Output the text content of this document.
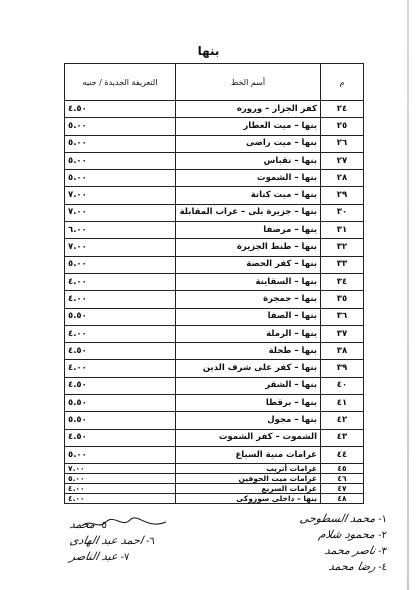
بنها
م	أسم الخط	التعريفة الجديدة / جنيه
٢٤	كفر الجزار – وروره	٤.٥٠
٢٥	بنها – ميت العطار	٥.٠٠
٢٦	بنها – ميت راضى	٥.٠٠
٢٧	بنها – نقباس	٥.٠٠
٢٨	بنها – الشموت	٥.٠٠
٢٩	بنها – ميت كنانة	٧.٠٠
٣٠	بنها – جزيرة بلى – عراب المقابلة	٧.٠٠
٣١	بنها – مرصفا	٦.٠٠
٣٢	بنها – طنط الجزيرة	٧.٠٠
٣٣	بنها – كفر الحصة	٥.٠٠
٣٤	بنها – السقاينة	٤.٠٠
٣٥	بنها – جمجرة	٤.٠٠
٣٦	بنها – الصفا	٥.٥٠
٣٧	بنها – الرملة	٤.٠٠
٣٨	بنها – طحلة	٤.٥٠
٣٩	بنها – كفر على شرف الدين	٤.٠٠
٤٠	بنها – الشقر	٤.٥٠
٤١	بنها – برقطا	٥.٥٠
٤٢	بنها – مجول	٥.٥٠
٤٣	الشموت – كفر الشموت	٤.٥٠
٤٤	غرامات منية السباع	٥.٠٠
٤٥	غرامات أتريب	٧.٠٠
٤٦	غرامات ميت الحوفين	٥.٠٠
٤٧	غرامات السريع	٤.٠٠
٤٨	بنها – داخلى سوزوكى	٤.٠٠
١-محمد السطوحى
٢-محمود شلام
٣-ناصر محمد
٤-رضا محمد
٥-محمد
٦-احمد عبد الهادى
٧-عبد الناصر
